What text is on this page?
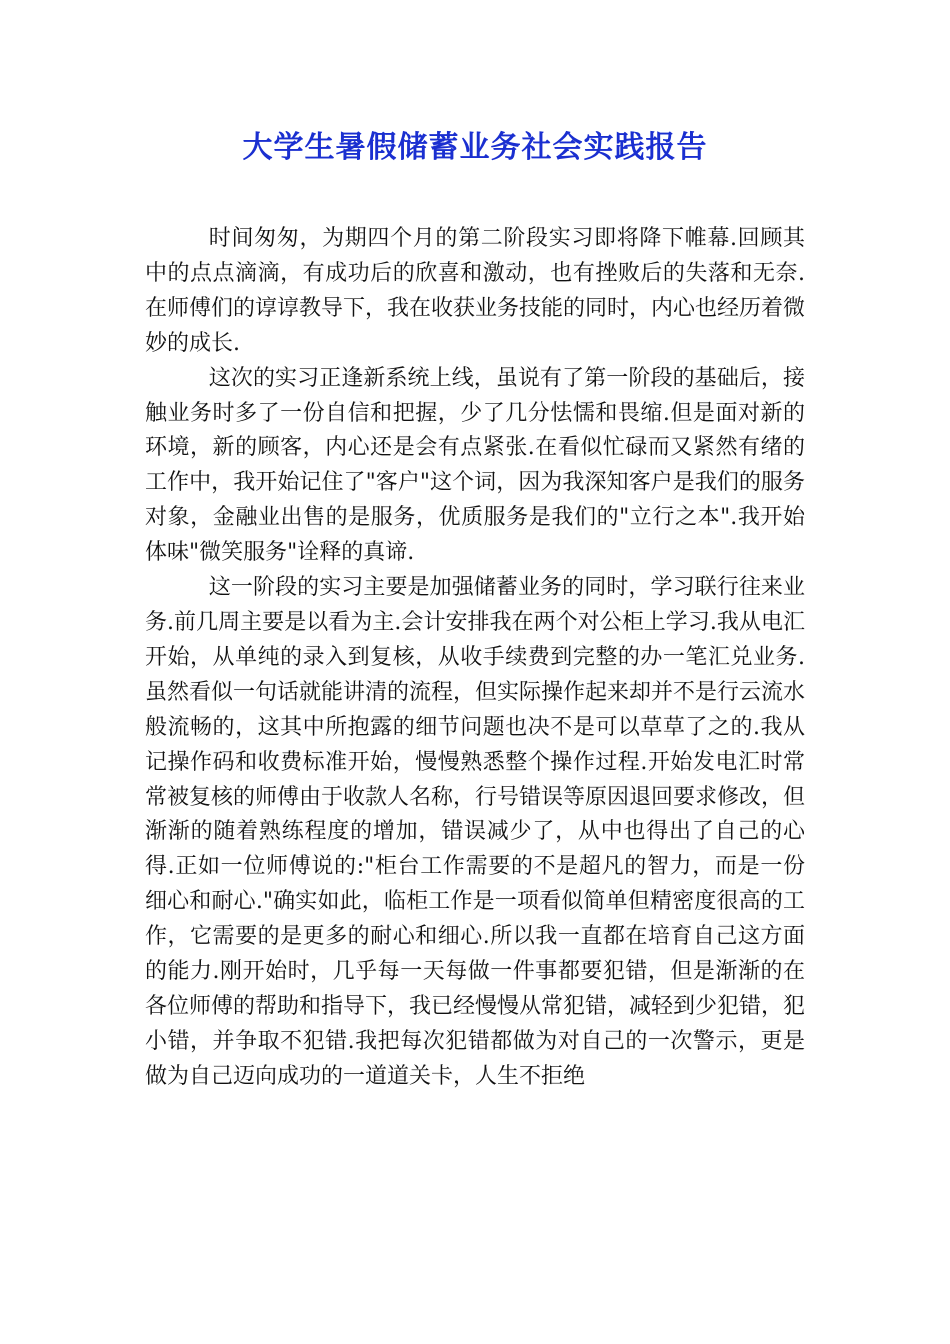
大学生暑假储蓄业务社会实践报告

时间匆匆，为期四个月的第二阶段实习即将降下帷幕.回顾其中的点点滴滴，有成功后的欣喜和激动，也有挫败后的失落和无奈.在师傅们的谆谆教导下，我在收获业务技能的同时，内心也经历着微妙的成长.

这次的实习正逢新系统上线，虽说有了第一阶段的基础后，接触业务时多了一份自信和把握，少了几分怯懦和畏缩.但是面对新的环境，新的顾客，内心还是会有点紧张.在看似忙碌而又紧然有绪的工作中，我开始记住了"客户"这个词，因为我深知客户是我们的服务对象，金融业出售的是服务，优质服务是我们的"立行之本".我开始体味"微笑服务"诠释的真谛.

这一阶段的实习主要是加强储蓄业务的同时，学习联行往来业务.前几周主要是以看为主.会计安排我在两个对公柜上学习.我从电汇开始，从单纯的录入到复核，从收手续费到完整的办一笔汇兑业务.虽然看似一句话就能讲清的流程，但实际操作起来却并不是行云流水般流畅的，这其中所抱露的细节问题也决不是可以草草了之的.我从记操作码和收费标准开始，慢慢熟悉整个操作过程.开始发电汇时常常被复核的师傅由于收款人名称，行号错误等原因退回要求修改，但渐渐的随着熟练程度的增加，错误减少了，从中也得出了自己的心得.正如一位师傅说的:"柜台工作需要的不是超凡的智力，而是一份细心和耐心."确实如此，临柜工作是一项看似简单但精密度很高的工作，它需要的是更多的耐心和细心.所以我一直都在培育自己这方面的能力.刚开始时，几乎每一天每做一件事都要犯错，但是渐渐的在各位师傅的帮助和指导下，我已经慢慢从常犯错，减轻到少犯错，犯小错，并争取不犯错.我把每次犯错都做为对自己的一次警示，更是做为自己迈向成功的一道道关卡，人生不拒绝
